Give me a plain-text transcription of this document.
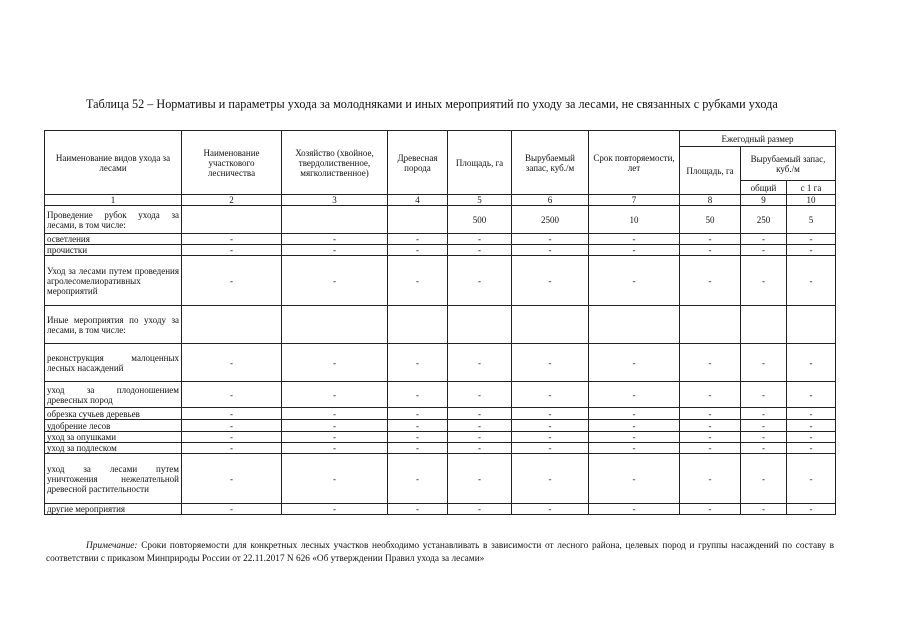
Таблица 52 – Нормативы и параметры ухода за молодняками и иных мероприятий по уходу за лесами, не связанных с рубками ухода
Наименование видов ухода за лесами	Наименование участкового лесничества	Хозяйство (хвойное, твердолиственное, мягколиственное)	Древесная порода	Площадь, га	Вырубаемый запас, куб./м	Срок повторяемости, лет	Ежегодный размер		
							Площадь, га	Вырубаемый запас, куб./м	
								общий	с 1 га
1	2	3	4	5	6	7	8	9	10
Проведение рубок ухода за лесами, в том числе:				500	2500	10	50	250	5
осветления	-	-	-	-	-	-	-	-	-
прочистки	-	-	-	-	-	-	-	-	-
Уход за лесами путем проведения агролесомелиоративных мероприятий	-	-	-	-	-	-	-	-	-
Иные мероприятия по уходу за лесами, в том числе:									
реконструкция малоценных лесных насаждений	-	-	-	-	-	-	-	-	-
уход за плодоношением древесных пород	-	-	-	-	-	-	-	-	-
обрезка сучьев деревьев	-	-	-	-	-	-	-	-	-
удобрение лесов	-	-	-	-	-	-	-	-	-
уход за опушками	-	-	-	-	-	-	-	-	-
уход за подлеском	-	-	-	-	-	-	-	-	-
уход за лесами путем уничтожения нежелательной древесной растительности	-	-	-	-	-	-	-	-	-
другие мероприятия	-	-	-	-	-	-	-	-	-
Примечание: Сроки повторяемости для конкретных лесных участков необходимо устанавливать в зависимости от лесного района, целевых пород и группы насаждений по составу в соответствии с приказом Минприроды России от 22.11.2017 N 626 «Об утверждении Правил ухода за лесами»
